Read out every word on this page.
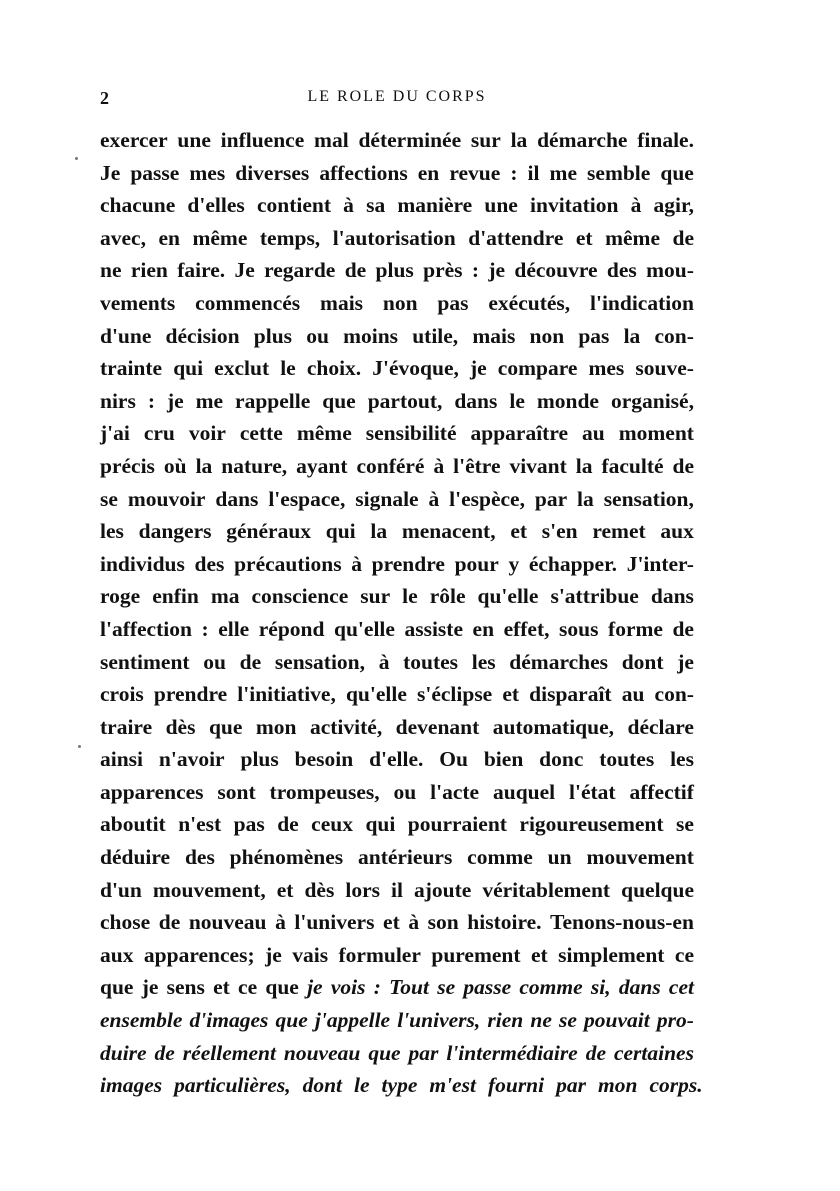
2	LE ROLE DU CORPS
exercer une influence mal déterminée sur la démarche finale.
Je passe mes diverses affections en revue : il me semble que
chacune d'elles contient à sa manière une invitation à agir,
avec, en même temps, l'autorisation d'attendre et même de
ne rien faire. Je regarde de plus près : je découvre des mou-
vements commencés mais non pas exécutés, l'indication
d'une décision plus ou moins utile, mais non pas la con-
trainte qui exclut le choix. J'évoque, je compare mes souve-
nirs : je me rappelle que partout, dans le monde organisé,
j'ai cru voir cette même sensibilité apparaître au moment
précis où la nature, ayant conféré à l'être vivant la faculté de
se mouvoir dans l'espace, signale à l'espèce, par la sensation,
les dangers généraux qui la menacent, et s'en remet aux
individus des précautions à prendre pour y échapper. J'inter-
roge enfin ma conscience sur le rôle qu'elle s'attribue dans
l'affection : elle répond qu'elle assiste en effet, sous forme de
sentiment ou de sensation, à toutes les démarches dont je
crois prendre l'initiative, qu'elle s'éclipse et disparaît au con-
traire dès que mon activité, devenant automatique, déclare
ainsi n'avoir plus besoin d'elle. Ou bien donc toutes les
apparences sont trompeuses, ou l'acte auquel l'état affectif
aboutit n'est pas de ceux qui pourraient rigoureusement se
déduire des phénomènes antérieurs comme un mouvement
d'un mouvement, et dès lors il ajoute véritablement quelque
chose de nouveau à l'univers et à son histoire. Tenons-nous-en
aux apparences; je vais formuler purement et simplement ce
que je sens et ce que je vois : Tout se passe comme si, dans cet
ensemble d'images que j'appelle l'univers, rien ne se pouvait pro-
duire de réellement nouveau que par l'intermédiaire de certaines
images particulières, dont le type m'est fourni par mon corps.
